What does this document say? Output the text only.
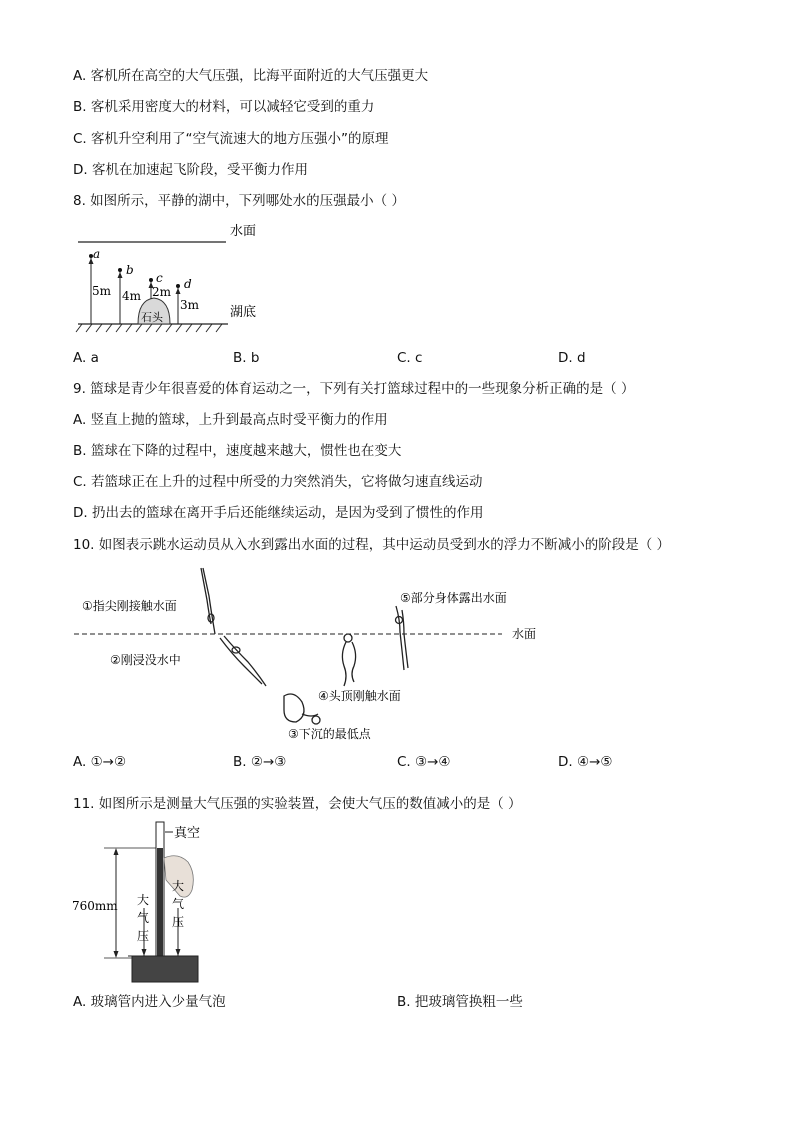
A. 客机所在高空的大气压强，比海平面附近的大气压强更大
B. 客机采用密度大的材料，可以减轻它受到的重力
C. 客机升空利用了“空气流速大的地方压强小”的原理
D. 客机在加速起飞阶段，受平衡力作用
8. 如图所示，平静的湖中，下列哪处水的压强最小（ ）
水面
湖底
石头
a
5m
b
4m
c
2m
d
3m
A. a	B. b	C. c	D. d
9. 篮球是青少年很喜爱的体育运动之一，下列有关打篮球过程中的一些现象分析正确的是（ ）
A. 竖直上抛的篮球，上升到最高点时受平衡力的作用
B. 篮球在下降的过程中，速度越来越大，惯性也在变大
C. 若篮球正在上升的过程中所受的力突然消失，它将做匀速直线运动
D. 扔出去的篮球在离开手后还能继续运动，是因为受到了惯性的作用
10. 如图表示跳水运动员从入水到露出水面的过程，其中运动员受到水的浮力不断减小的阶段是（ ）
水面
①指尖刚接触水面
②刚浸没水中
④头顶刚触水面
③下沉的最低点
⑤部分身体露出水面
A. ①→②	B. ②→③	C. ③→④	D. ④→⑤
11. 如图所示是测量大气压强的实验装置，会使大气压的数值减小的是（ ）
真空
760mm 大
气
压
大
气
压
A. 玻璃管内进入少量气泡	B. 把玻璃管换粗一些
